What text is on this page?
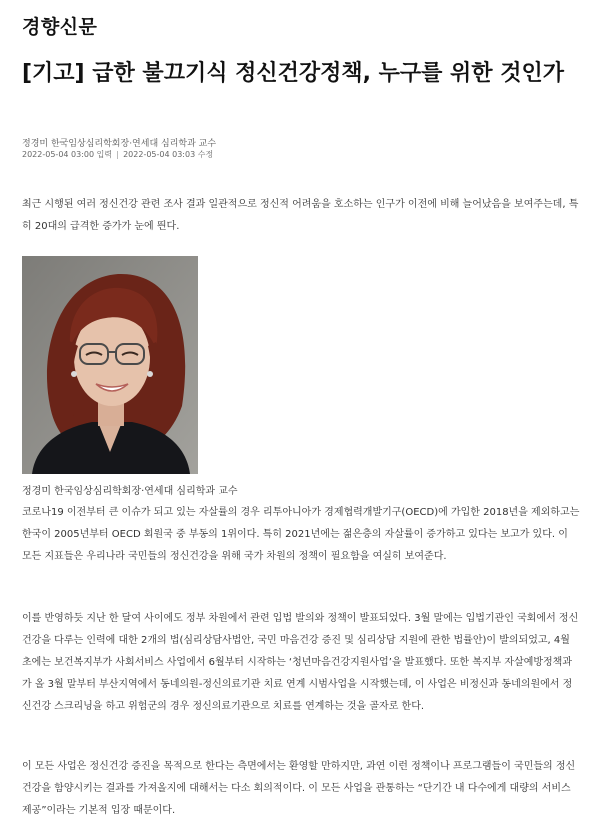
경향신문
[기고] 급한 불끄기식 정신건강정책, 누구를 위한 것인가
정경미 한국임상심리학회장·연세대 심리학과 교수
2022-05-04 03:00 입력 2022-05-04 03:03 수정

최근 시행된 여러 정신건강 관련 조사 결과 일관적으로 정신적 어려움을 호소하는 인구가 이전에 비해 늘어났음을 보여주는데, 특히 20대의 급격한 증가가 눈에 띈다.

정경미 한국임상심리학회장·연세대 심리학과 교수

코로나19 이전부터 큰 이슈가 되고 있는 자살률의 경우 리투아니아가 경제협력개발기구(OECD)에 가입한 2018년을 제외하고는 한국이 2005년부터 OECD 회원국 중 부동의 1위이다. 특히 2021년에는 젊은층의 자살률이 증가하고 있다는 보고가 있다. 이 모든 지표들은 우리나라 국민들의 정신건강을 위해 국가 차원의 정책이 필요함을 여실히 보여준다.

이를 반영하듯 지난 한 달여 사이에도 정부 차원에서 관련 입법 발의와 정책이 발표되었다. 3월 말에는 입법기관인 국회에서 정신건강을 다루는 인력에 대한 2개의 법(심리상담사법안, 국민 마음건강 증진 및 심리상담 지원에 관한 법률안)이 발의되었고, 4월 초에는 보건복지부가 사회서비스 사업에서 6월부터 시작하는 ‘청년마음건강지원사업’을 발표했다. 또한 복지부 자살예방정책과가 올 3월 말부터 부산지역에서 동네의원-정신의료기관 치료 연계 시범사업을 시작했는데, 이 사업은 비정신과 동네의원에서 정신건강 스크리닝을 하고 위험군의 경우 정신의료기관으로 치료를 연계하는 것을 골자로 한다.

이 모든 사업은 정신건강 증진을 목적으로 한다는 측면에서는 환영할 만하지만, 과연 이런 정책이나 프로그램들이 국민들의 정신건강을 함양시키는 결과를 가져올지에 대해서는 다소 회의적이다. 이 모든 사업을 관통하는 “단기간 내 다수에게 대량의 서비스 제공”이라는 기본적 입장 때문이다.
